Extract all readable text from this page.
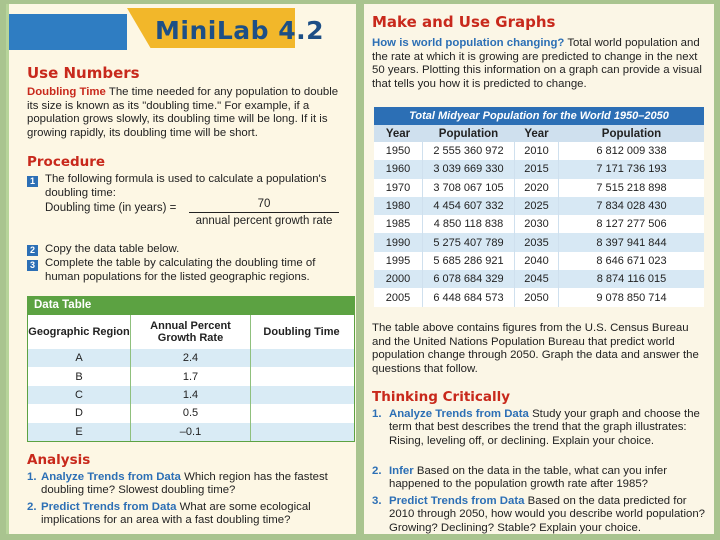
MiniLab 4.2
Use Numbers
Doubling Time The time needed for any population to double its size is known as its "doubling time." For example, if a population grows slowly, its doubling time will be long. If it is growing rapidly, its doubling time will be short.
Procedure
1 The following formula is used to calculate a population's doubling time:
Doubling time (in years) =	70
annual percent growth rate
2 Copy the data table below.
3 Complete the table by calculating the doubling time of human populations for the listed geographic regions.
Data Table
Geographic Region	Annual Percent Growth Rate	Doubling Time
A	2.4
B	1.7
C	1.4
D	0.5
E	–0.1
Analysis
1. Analyze Trends from Data Which region has the fastest doubling time? Slowest doubling time?
2. Predict Trends from Data What are some ecological implications for an area with a fast doubling time?
Make and Use Graphs
How is world population changing? Total world population and the rate at which it is growing are predicted to change in the next 50 years. Plotting this information on a graph can provide a visual that tells you how it is predicted to change.
Total Midyear Population for the World 1950–2050
Year	Population	Year	Population
1950	2 555 360 972	2010	6 812 009 338
1960	3 039 669 330	2015	7 171 736 193
1970	3 708 067 105	2020	7 515 218 898
1980	4 454 607 332	2025	7 834 028 430
1985	4 850 118 838	2030	8 127 277 506
1990	5 275 407 789	2035	8 397 941 844
1995	5 685 286 921	2040	8 646 671 023
2000	6 078 684 329	2045	8 874 116 015
2005	6 448 684 573	2050	9 078 850 714
The table above contains figures from the U.S. Census Bureau and the United Nations Population Bureau that predict world population change through 2050. Graph the data and answer the questions that follow.
Thinking Critically
1. Analyze Trends from Data Study your graph and choose the term that best describes the trend that the graph illustrates: Rising, leveling off, or declining. Explain your choice.
2. Infer Based on the data in the table, what can you infer happened to the population growth rate after 1985?
3. Predict Trends from Data Based on the data predicted for 2010 through 2050, how would you describe world population? Growing? Declining? Stable? Explain your choice.
